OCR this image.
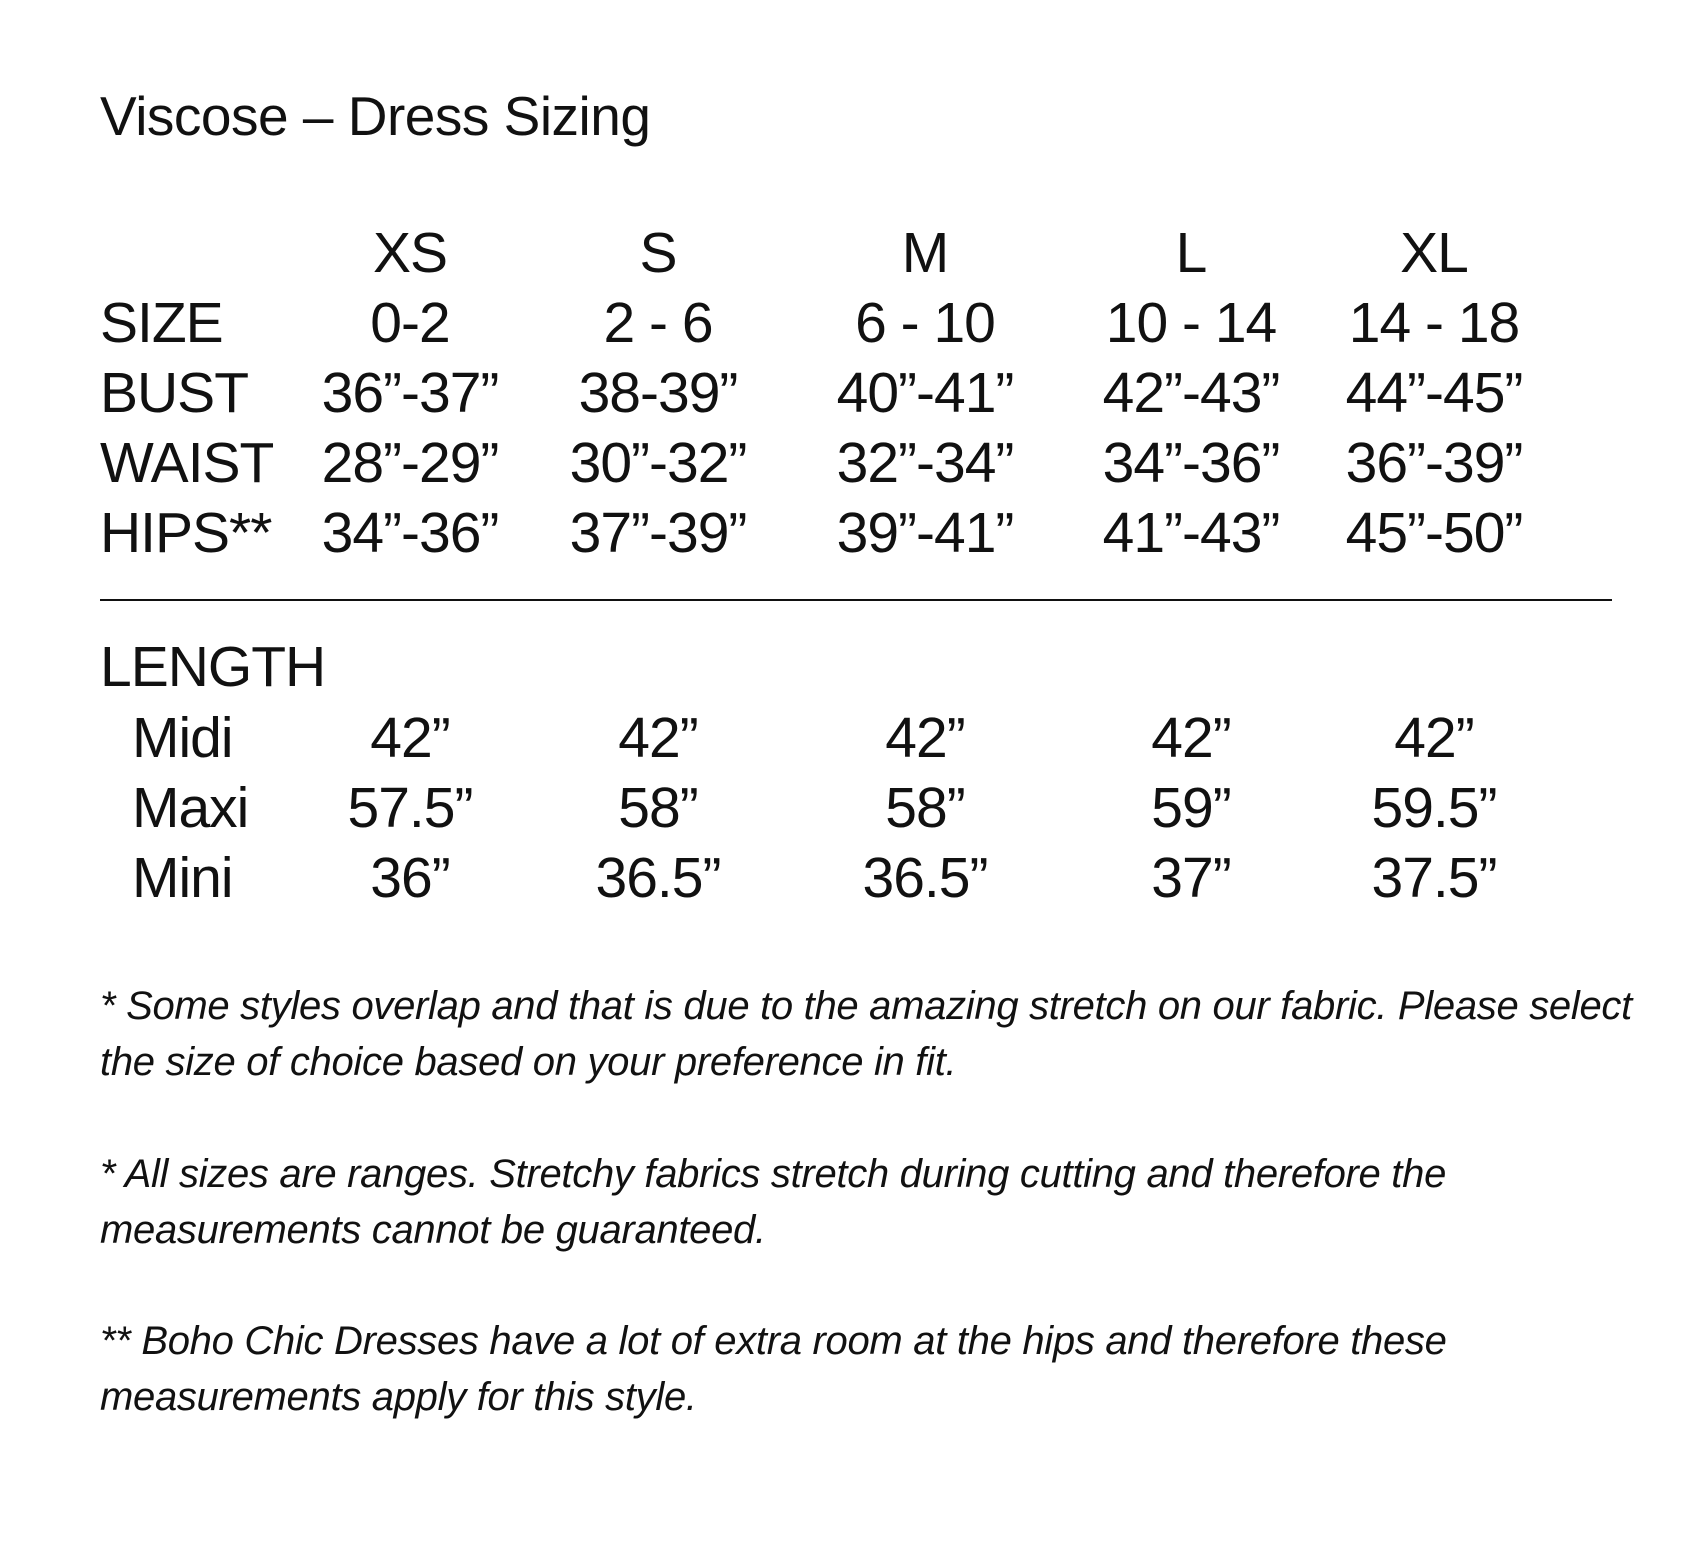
Viscose – Dress Sizing
XS	S	M	L	XL
SIZE	0-2	2 - 6	6 - 10	10 - 14	14 - 18
BUST	36”-37”	38-39”	40”-41”	42”-43”	44”-45”
WAIST 28”-29”	30”-32”	32”-34”	34”-36”	36”-39”
HIPS** 34”-36”	37”-39”	39”-41”	41”-43”	45”-50”
LENGTH
Midi	42”	42”	42”	42”	42”
Maxi	57.5”	58”	58”	59”	59.5”
Mini	36”	36.5”	36.5”	37”	37.5”
* Some styles overlap and that is due to the amazing stretch on our fabric. Please select the size of choice based on your preference in fit.
* All sizes are ranges. Stretchy fabrics stretch during cutting and therefore the measurements cannot be guaranteed.
** Boho Chic Dresses have a lot of extra room at the hips and therefore these measurements apply for this style.
